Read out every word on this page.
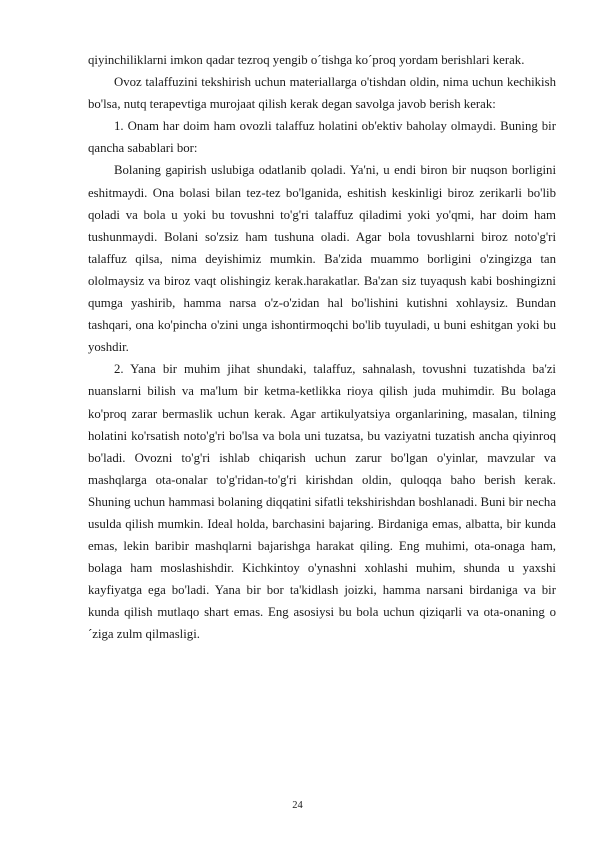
qiyinchiliklarni imkon qadar tezroq yengib o´tishga ko´proq yordam berishlari kerak.

Ovoz talaffuzini tekshirish uchun materiallarga o'tishdan oldin, nima uchun kechikish bo'lsa, nutq terapevtiga murojaat qilish kerak degan savolga javob berish kerak:

1. Onam har doim ham ovozli talaffuz holatini ob'ektiv baholay olmaydi. Buning bir qancha sabablari bor:

Bolaning gapirish uslubiga odatlanib qoladi. Ya'ni, u endi biron bir nuqson borligini eshitmaydi. Ona bolasi bilan tez-tez bo'lganida, eshitish keskinligi biroz zerikarli bo'lib qoladi va bola u yoki bu tovushni to'g'ri talaffuz qiladimi yoki yo'qmi, har doim ham tushunmaydi. Bolani so'zsiz ham tushuna oladi. Agar bola tovushlarni biroz noto'g'ri talaffuz qilsa, nima deyishimiz mumkin. Ba'zida muammo borligini o'zingizga tan ololmaysiz va biroz vaqt olishingiz kerak.harakatlar. Ba'zan siz tuyaqush kabi boshingizni qumga yashirib, hamma narsa o'z-o'zidan hal bo'lishini kutishni xohlaysiz. Bundan tashqari, ona ko'pincha o'zini unga ishontirmoqchi bo'lib tuyuladi, u buni eshitgan yoki bu yoshdir.

2. Yana bir muhim jihat shundaki, talaffuz, sahnalash, tovushni tuzatishda ba'zi nuanslarni bilish va ma'lum bir ketma-ketlikka rioya qilish juda muhimdir. Bu bolaga ko'proq zarar bermaslik uchun kerak. Agar artikulyatsiya organlarining, masalan, tilning holatini ko'rsatish noto'g'ri bo'lsa va bola uni tuzatsa, bu vaziyatni tuzatish ancha qiyinroq bo'ladi. Ovozni to'g'ri ishlab chiqarish uchun zarur bo'lgan o'yinlar, mavzular va mashqlarga ota-onalar to'g'ridan-to'g'ri kirishdan oldin, quloqqa baho berish kerak. Shuning uchun hammasi bolaning diqqatini sifatli tekshirishdan boshlanadi. Buni bir necha usulda qilish mumkin. Ideal holda, barchasini bajaring. Birdaniga emas, albatta, bir kunda emas, lekin baribir mashqlarni bajarishga harakat qiling. Eng muhimi, ota-onaga ham, bolaga ham moslashishdir. Kichkintoy o'ynashni xohlashi muhim, shunda u yaxshi kayfiyatga ega bo'ladi. Yana bir bor ta'kidlash joizki, hamma narsani birdaniga va bir kunda qilish mutlaqo shart emas. Eng asosiysi bu bola uchun qiziqarli va ota-onaning o´ziga zulm qilmasligi.

24
